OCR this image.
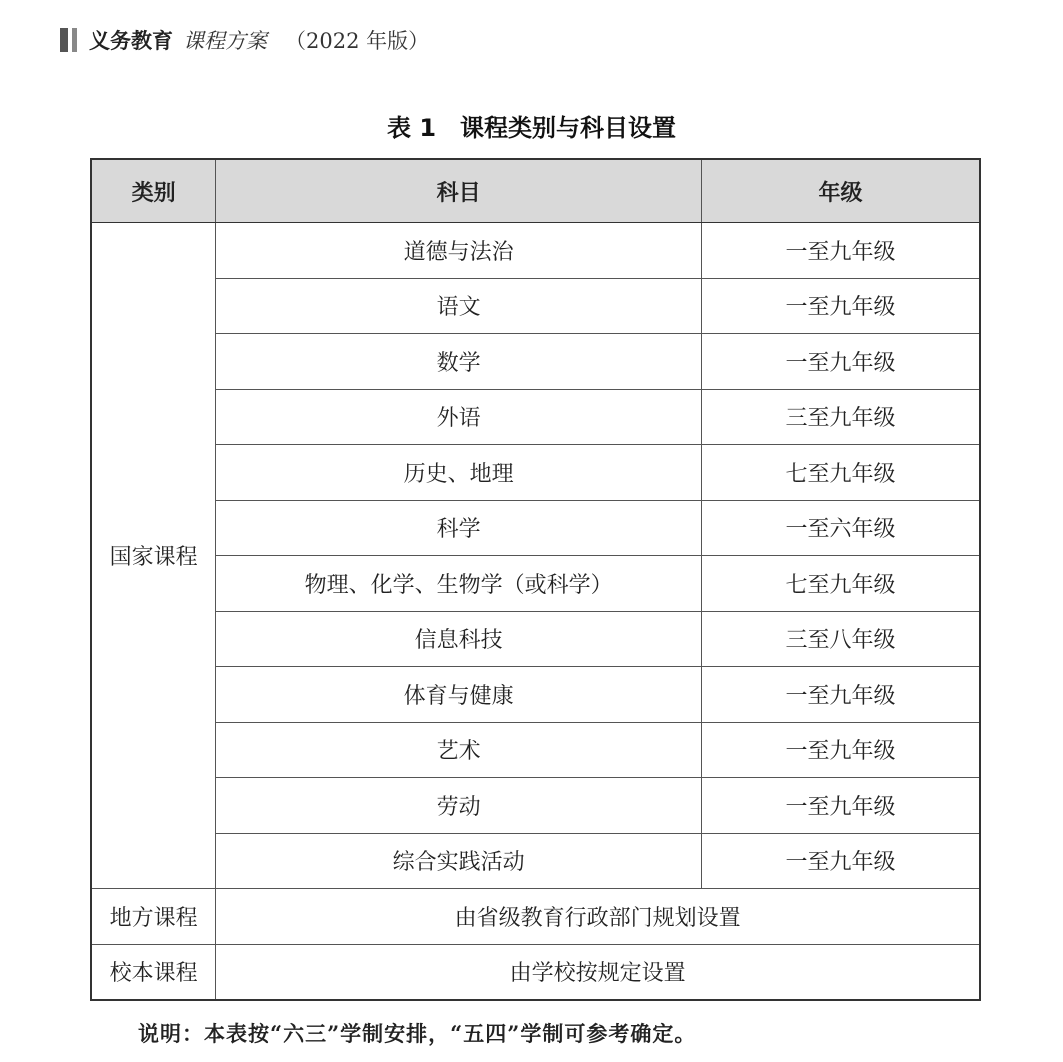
义务教育 课程方案 （2022 年版）
表 1 课程类别与科目设置
类别	科目	年级
国家课程	道德与法治	一至九年级
	语文	一至九年级
	数学	一至九年级
	外语	三至九年级
	历史、地理	七至九年级
	科学	一至六年级
	物理、化学、生物学（或科学）	七至九年级
	信息科技	三至八年级
	体育与健康	一至九年级
	艺术	一至九年级
	劳动	一至九年级
	综合实践活动	一至九年级
地方课程	由省级教育行政部门规划设置	
校本课程	由学校按规定设置	
说明：本表按“六三”学制安排，“五四”学制可参考确定。
